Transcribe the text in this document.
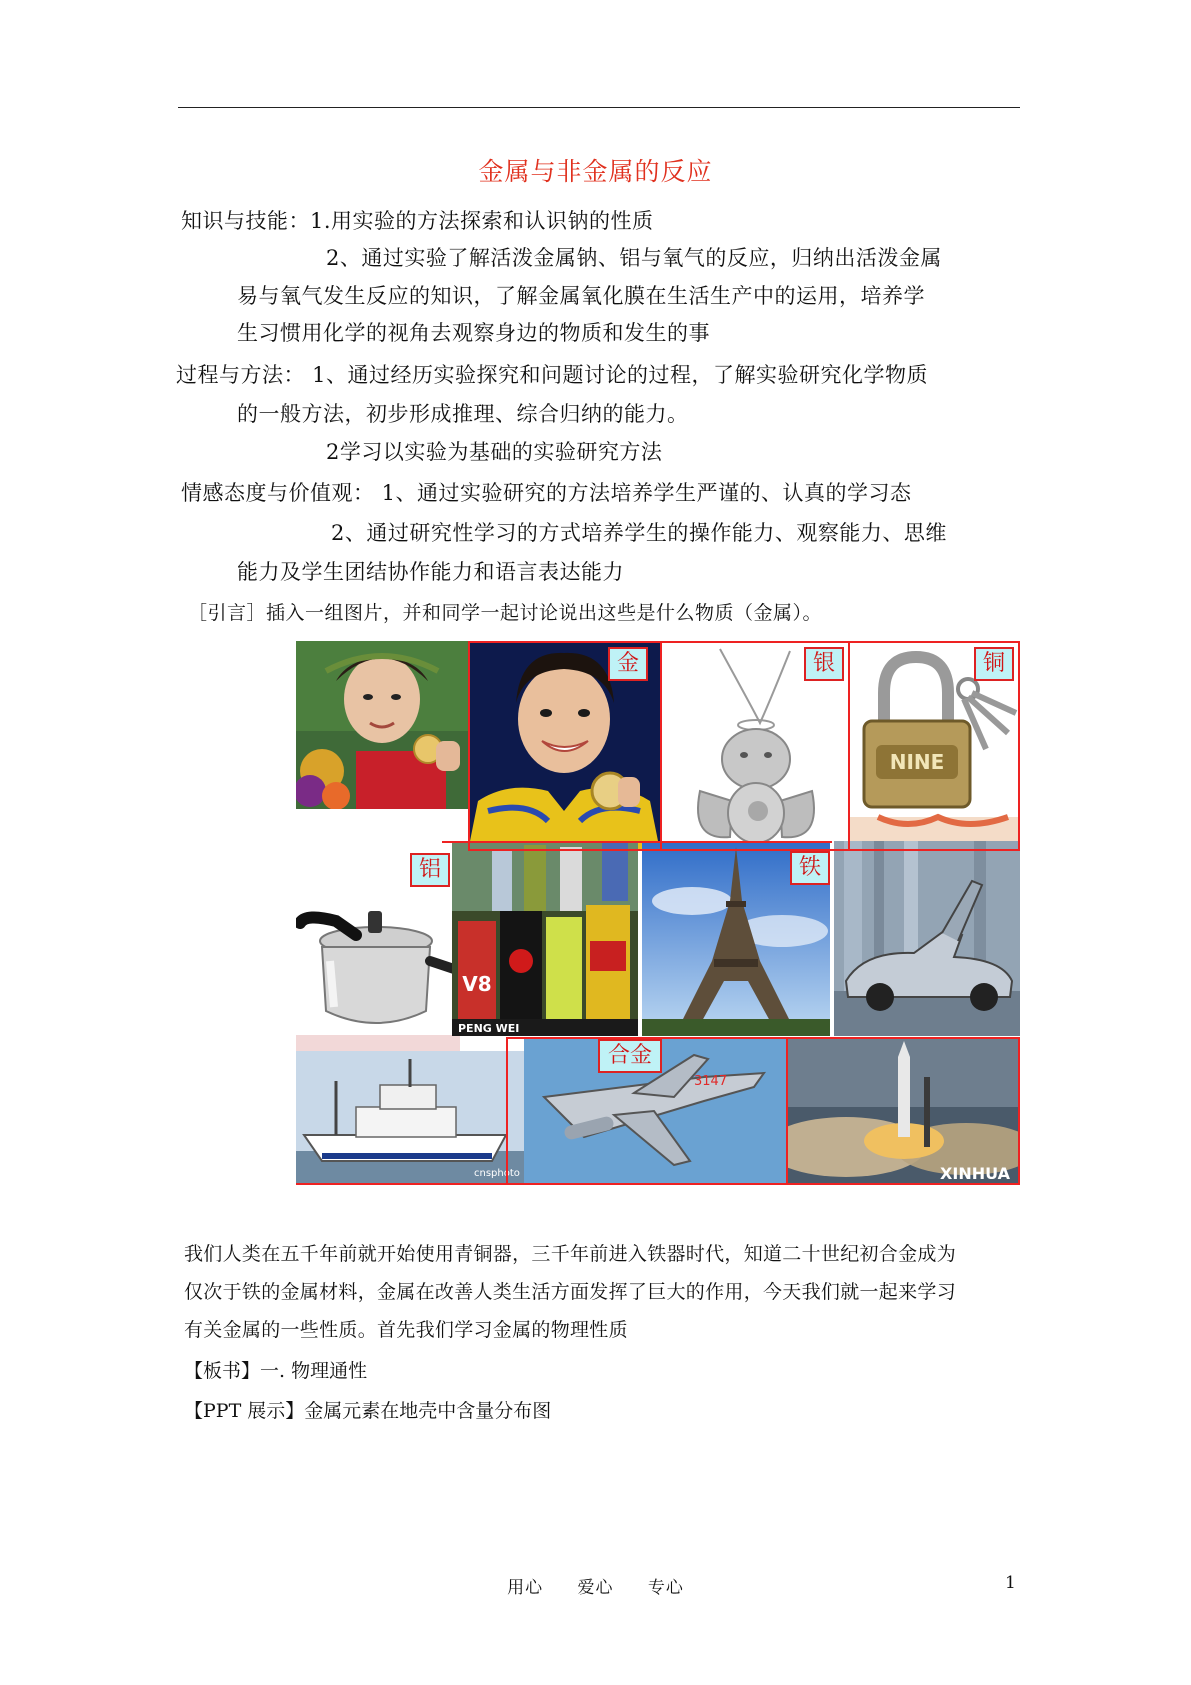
金属与非金属的反应
知识与技能：1.用实验的方法探索和认识钠的性质
2、通过实验了解活泼金属钠、铝与氧气的反应，归纳出活泼金属
易与氧气发生反应的知识，了解金属氧化膜在生活生产中的运用，培养学
生习惯用化学的视角去观察身边的物质和发生的事
过程与方法： 1、通过经历实验探究和问题讨论的过程，了解实验研究化学物质
的一般方法，初步形成推理、综合归纳的能力。
2学习以实验为基础的实验研究方法
情感态度与价值观： 1、通过实验研究的方法培养学生严谨的、认真的学习态
2、通过研究性学习的方式培养学生的操作能力、观察能力、思维
能力及学生团结协作能力和语言表达能力
［引言］插入一组图片，并和同学一起讨论说出这些是什么物质（金属）。
NINE
V8
PENG WEI
cnsphoto
3147
XINHUA
金	银	铜
铝	铁
合金

我们人类在五千年前就开始使用青铜器，三千年前进入铁器时代，知道二十世纪初合金成为

仅次于铁的金属材料，金属在改善人类生活方面发挥了巨大的作用，今天我们就一起来学习

有关金属的一些性质。首先我们学习金属的物理性质

【板书】一. 物理通性
【PPT 展示】金属元素在地壳中含量分布图
用心 爱心 专心	1
